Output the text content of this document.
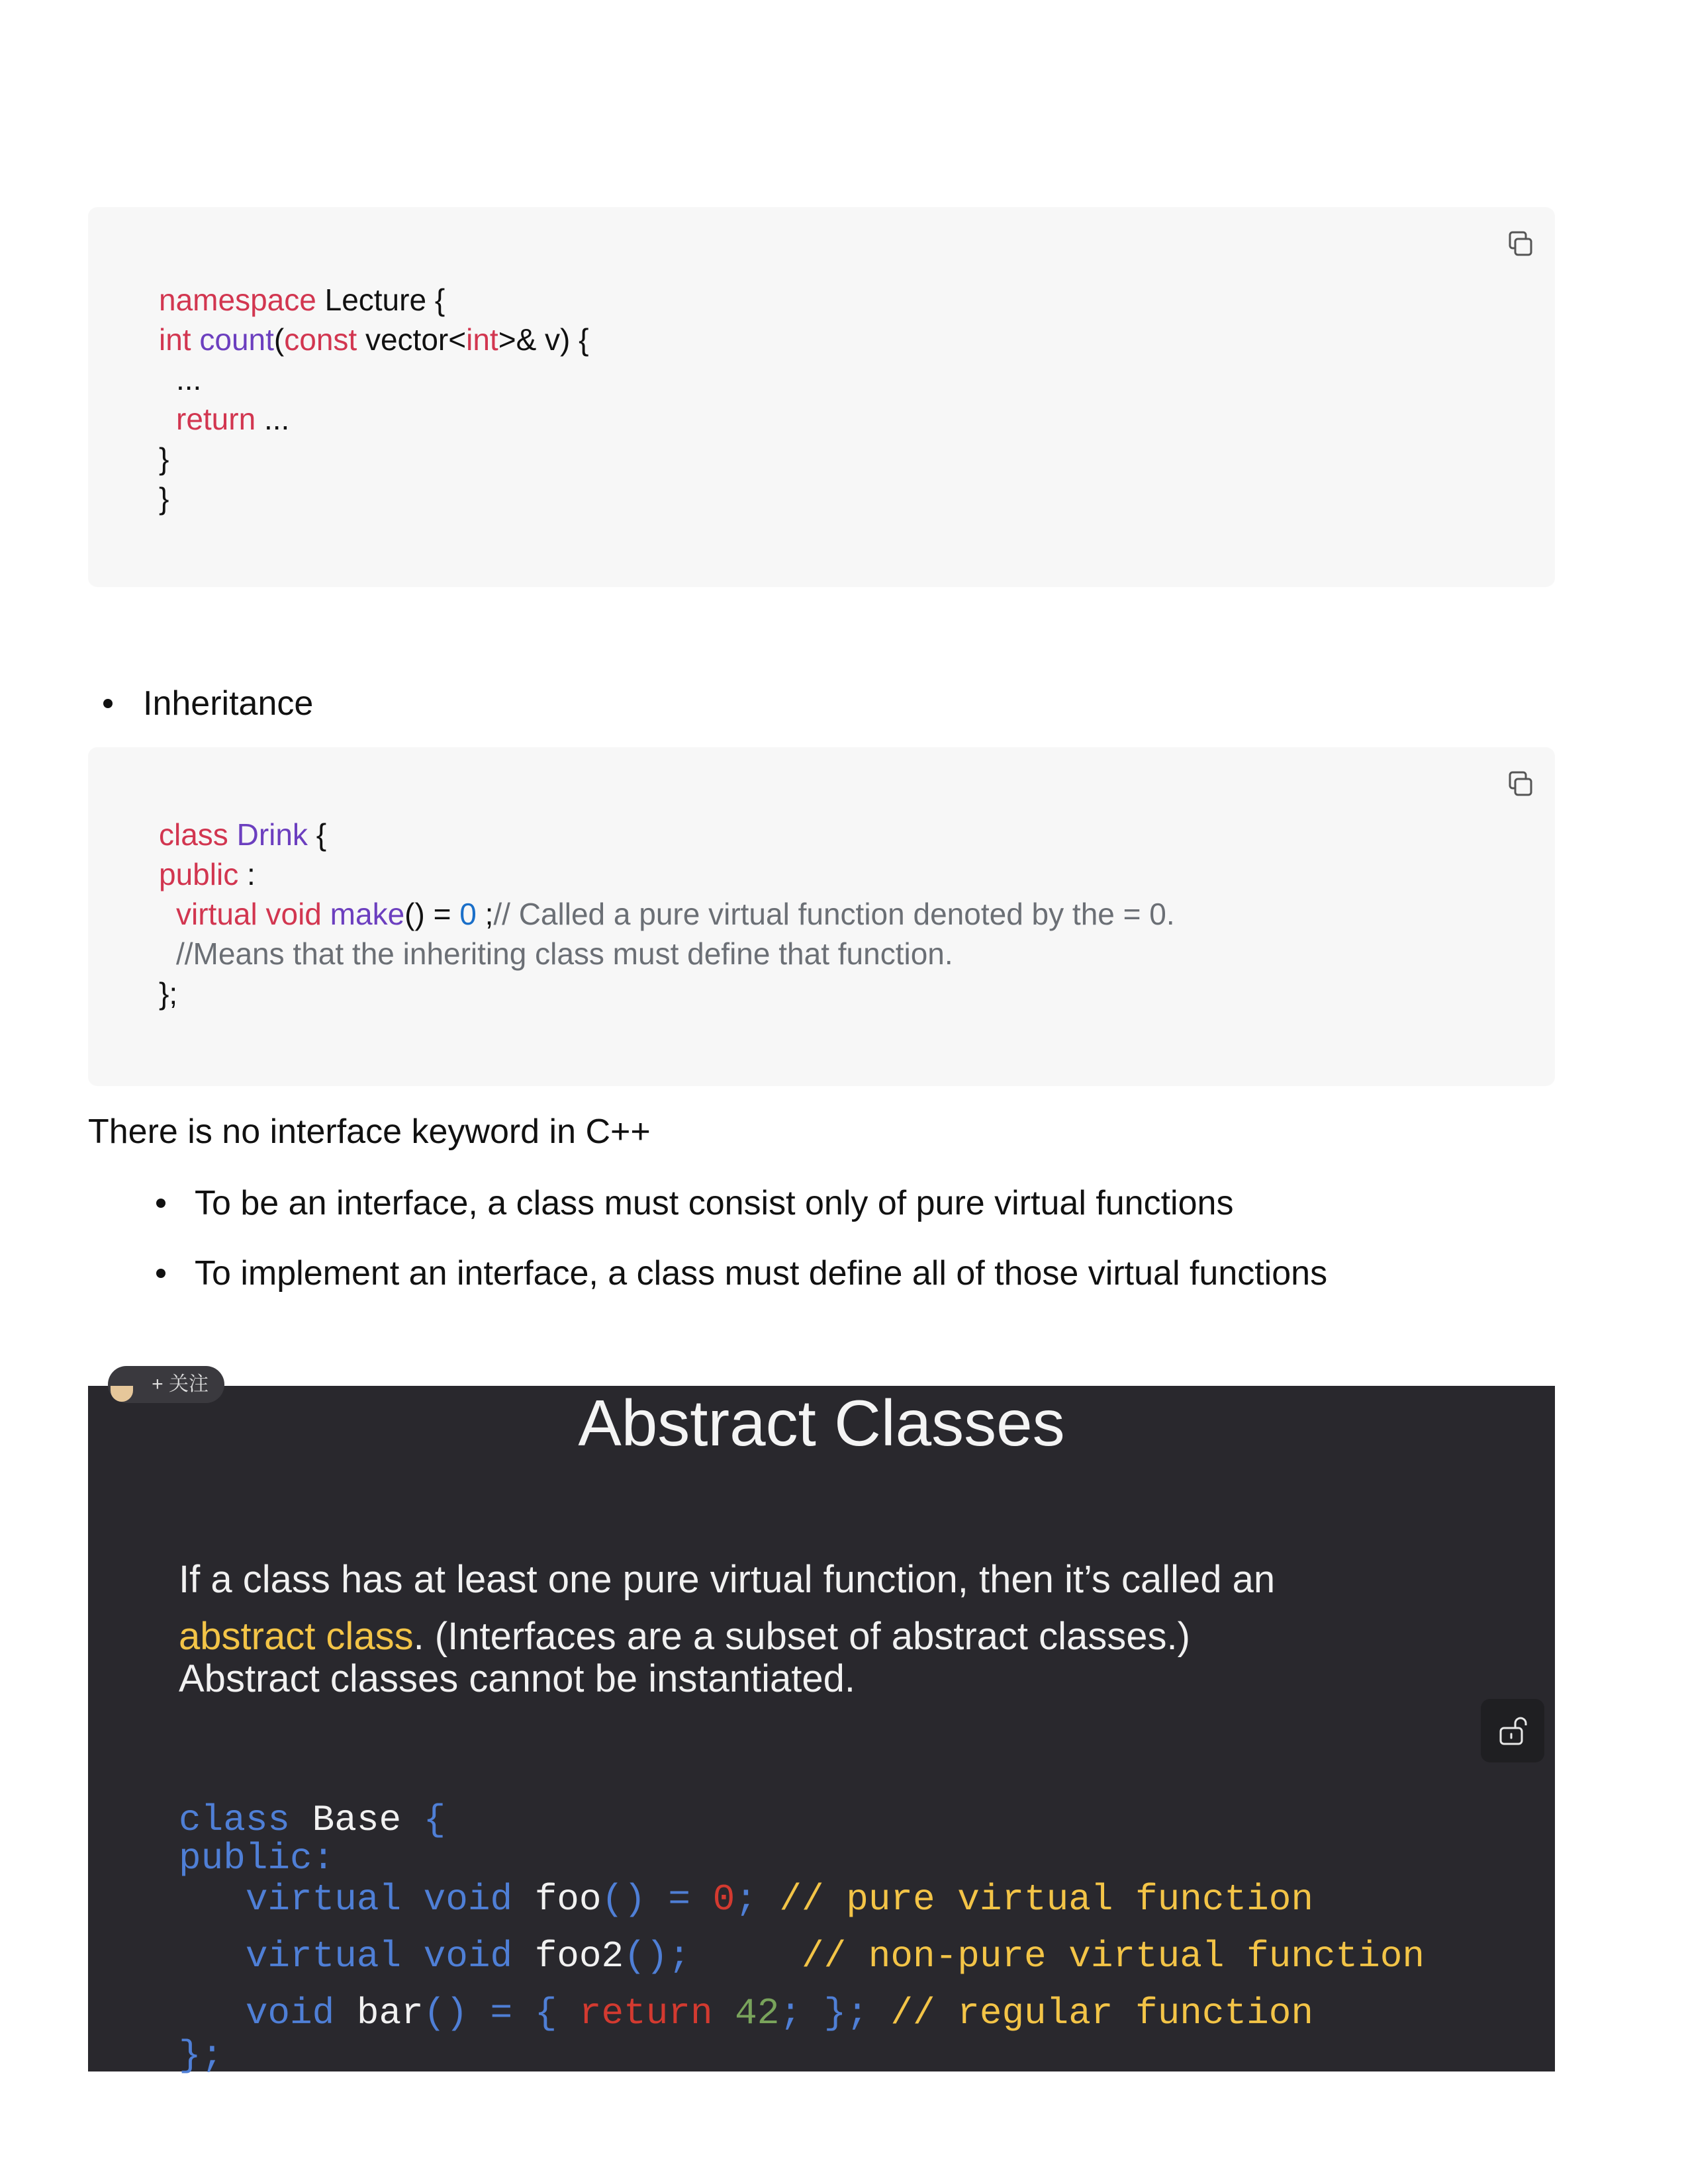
namespace Lecture {
int count(const vector<int>& v) {
...
return ...
}
}
Inheritance
class Drink {
public :
virtual void make() = 0 ;// Called a pure virtual function denoted by the = 0.
//Means that the inheriting class must define that function.
};
There is no interface keyword in C++
To be an interface, a class must consist only of pure virtual functions
To implement an interface, a class must define all of those virtual functions
+ 关注
Abstract Classes
If a class has at least one pure virtual function, then it’s called an
abstract class. (Interfaces are a subset of abstract classes.)
Abstract classes cannot be instantiated.
class Base {
public:
virtual void foo() = 0; // pure virtual function
virtual void foo2();     // non-pure virtual function
void bar() = { return 42; }; // regular function
};
